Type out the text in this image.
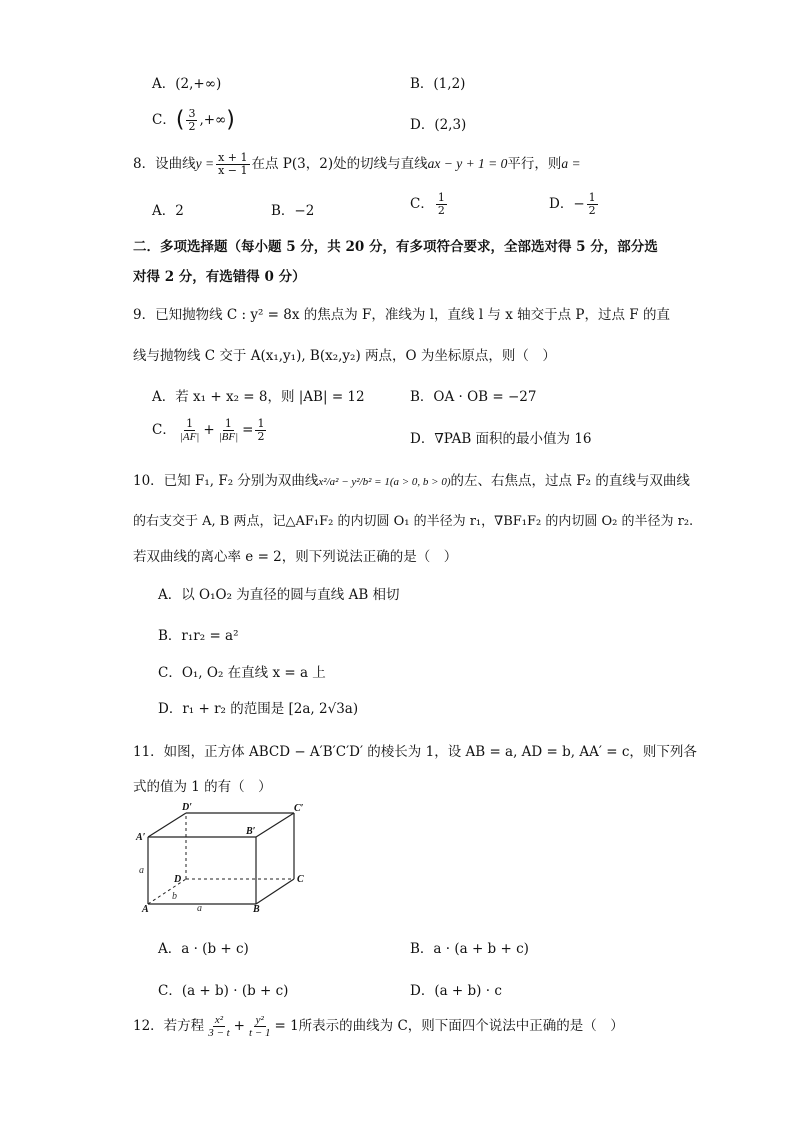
A．(2,+∞)	B．(1,2)
C．( $\frac{3}{2}$ ,+∞)	D．(2,3)
8．设曲线$y = \frac{x + 1}{x - 1}$ 在点 P(3，2)处的切线与直线ax − y + 1 = 0平行，则a =
A．2	B．−2	C． $\frac{1}{2}$	D．− $\frac{1}{2}$
二．多项选择题（每小题 5 分，共 20 分，有多项符合要求，全部选对得 5 分，部分选
对得 2 分，有选错得 0 分）
9．已知抛物线 C : y² = 8x 的焦点为 F，准线为 l，直线 l 与 x 轴交于点 P，过点 F 的直
线与抛物线 C 交于 A(x₁,y₁), B(x₂,y₂) 两点，O 为坐标原点，则（　）
A．若 x₁ + x₂ = 8，则 |AB| = 12	B．OA · OB = −27
C． $\frac{1}{|AF|} + \frac{1}{|BF|} = \frac{1}{2}$	D．∇PAB 面积的最小值为 16
10．已知 F₁, F₂ 分别为双曲线x²/a² − y²/b² = 1(a > 0, b > 0)的左、右焦点，过点 F₂ 的直线与双曲线
的右支交于 A, B 两点，记△AF₁F₂ 的内切圆 O₁ 的半径为 r₁，∇BF₁F₂ 的内切圆 O₂ 的半径为 r₂.
若双曲线的离心率 e = 2，则下列说法正确的是（　）
A．以 O₁O₂ 为直径的圆与直线 AB 相切
B．r₁r₂ = a²
C．O₁, O₂ 在直线 x = a 上
D．r₁ + r₂ 的范围是 [2a, 2√3a)
11．如图，正方体 ABCD − A′B′C′D′ 的棱长为 1，设 AB = a, AD = b, AA′ = c，则下列各
式的值为 1 的有（　）
A′
D′	C′
B′
D	C
A	B
a
b
a
A．a · (b + c)	B．a · (a + b + c)
C．(a + b) · (b + c)	D．(a + b) · c
12．若方程 $\frac{\text{x²}}{3 - t} + \frac{\text{y²}}{t - 1} = 1$所表示的曲线为 C，则下面四个说法中正确的是（　）
